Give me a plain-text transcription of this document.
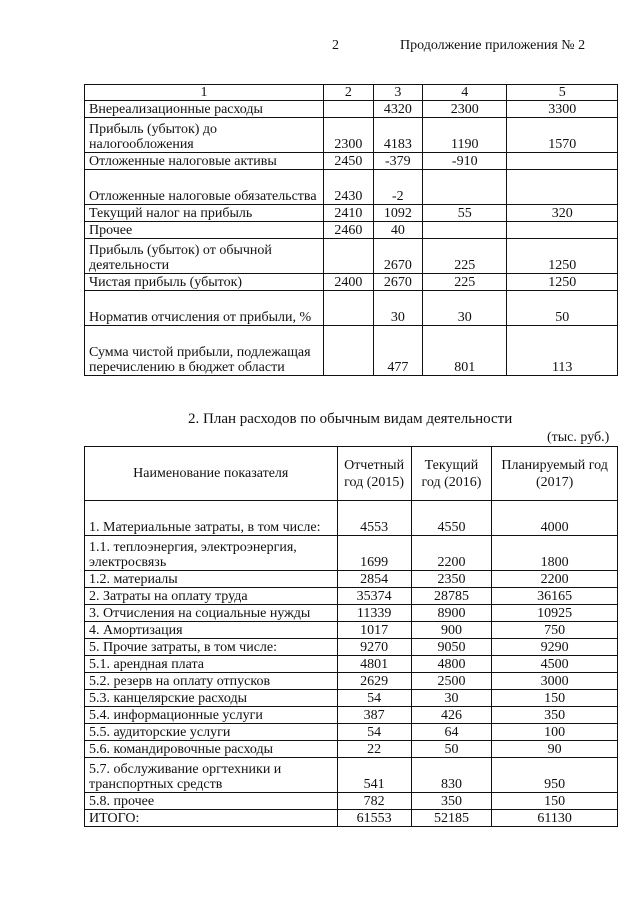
2	Продолжение приложения № 2
1	2	3	4	5
Внереализационные расходы		4320	2300	3300
Прибыль (убыток) до налогообложения	2300	4183	1190	1570
Отложенные налоговые активы	2450	-379	-910	
Отложенные налоговые обязательства	2430	-2		
Текущий налог на прибыль	2410	1092	55	320
Прочее	2460	40		
Прибыль (убыток) от обычной деятельности		2670	225	1250
Чистая прибыль (убыток)	2400	2670	225	1250
Норматив отчисления от прибыли, %		30	30	50
Сумма чистой прибыли, подлежащая перечислению в бюджет области		477	801	113
2. План расходов по обычным видам деятельности
(тыс. руб.)
Наименование показателя	Отчетный год (2015)	Текущий год (2016)	Планируемый год (2017)
1. Материальные затраты, в том числе:	4553	4550	4000
1.1. теплоэнергия, электроэнергия, электросвязь	1699	2200	1800
1.2. материалы	2854	2350	2200
2. Затраты на оплату труда	35374	28785	36165
3. Отчисления на социальные нужды	11339	8900	10925
4. Амортизация	1017	900	750
5. Прочие затраты, в том числе:	9270	9050	9290
5.1. арендная плата	4801	4800	4500
5.2. резерв на оплату отпусков	2629	2500	3000
5.3. канцелярские расходы	54	30	150
5.4. информационные услуги	387	426	350
5.5. аудиторские услуги	54	64	100
5.6. командировочные расходы	22	50	90
5.7. обслуживание оргтехники и транспортных средств	541	830	950
5.8. прочее	782	350	150
ИТОГО:	61553	52185	61130
